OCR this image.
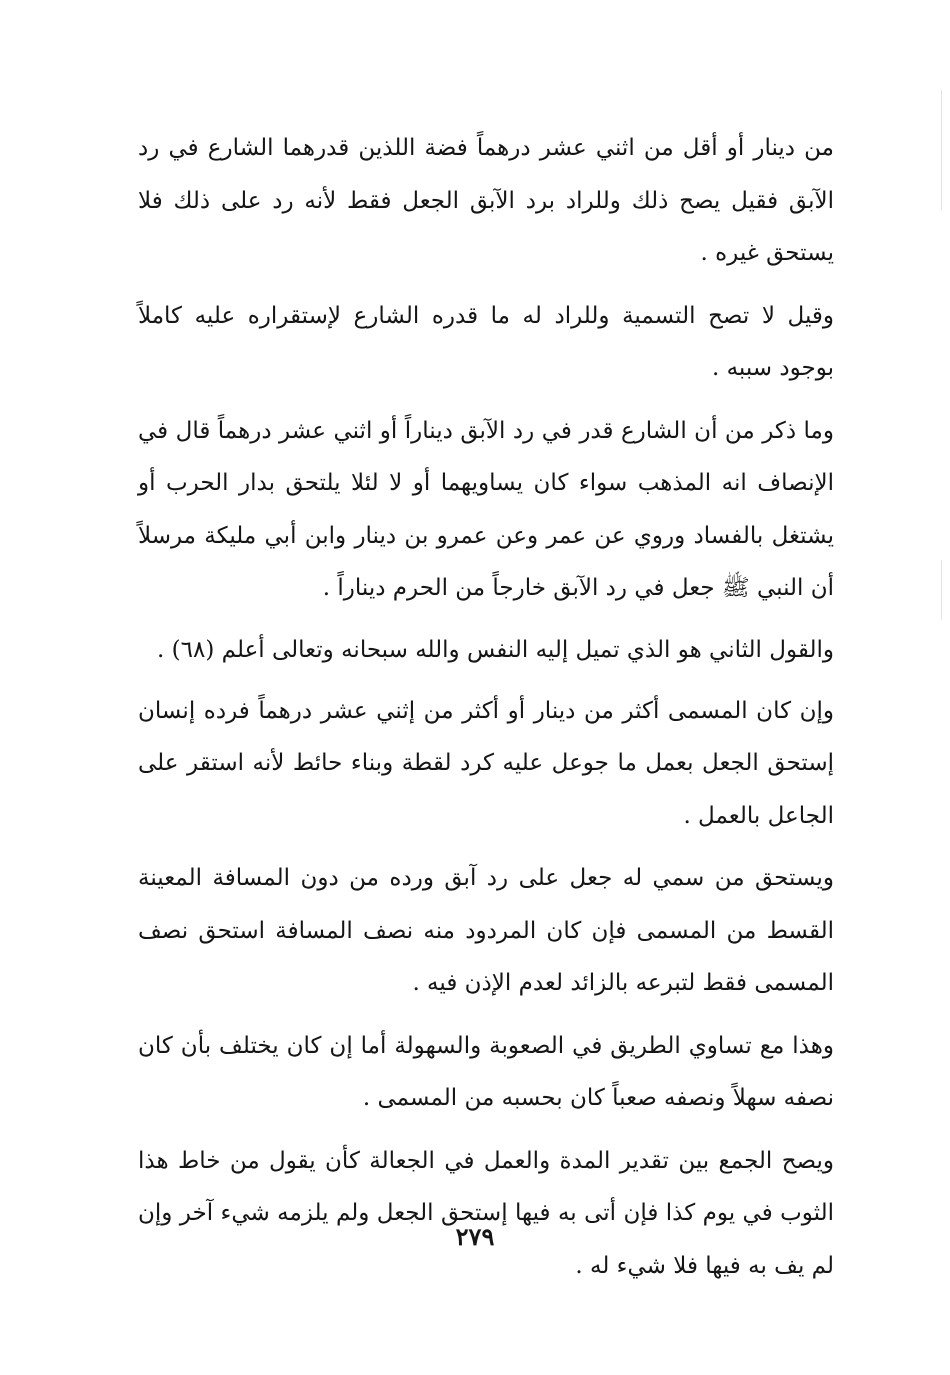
من دينار أو أقل من اثني عشر درهماً فضة اللذين قدرهما الشارع في رد الآبق فقيل يصح ذلك وللراد برد الآبق الجعل فقط لأنه رد على ذلك فلا يستحق غيره .

وقيل لا تصح التسمية وللراد له ما قدره الشارع لإستقراره عليه كاملاً بوجود سببه .

وما ذكر من أن الشارع قدر في رد الآبق ديناراً أو اثني عشر درهماً قال في الإنصاف انه المذهب سواء كان يساويهما أو لا لئلا يلتحق بدار الحرب أو يشتغل بالفساد وروي عن عمر وعن عمرو بن دينار وابن أبي مليكة مرسلاً أن النبي ﷺ جعل في رد الآبق خارجاً من الحرم ديناراً .

والقول الثاني هو الذي تميل إليه النفس والله سبحانه وتعالى أعلم (٦٨) .

وإن كان المسمى أكثر من دينار أو أكثر من إثني عشر درهماً فرده إنسان إستحق الجعل بعمل ما جوعل عليه كرد لقطة وبناء حائط لأنه استقر على الجاعل بالعمل .

ويستحق من سمي له جعل على رد آبق ورده من دون المسافة المعينة القسط من المسمى فإن كان المردود منه نصف المسافة استحق نصف المسمى فقط لتبرعه بالزائد لعدم الإذن فيه .

وهذا مع تساوي الطريق في الصعوبة والسهولة أما إن كان يختلف بأن كان نصفه سهلاً ونصفه صعباً كان بحسبه من المسمى .

ويصح الجمع بين تقدير المدة والعمل في الجعالة كأن يقول من خاط هذا الثوب في يوم كذا فإن أتى به فيها إستحق الجعل ولم يلزمه شيء آخر وإن لم يف به فيها فلا شيء له .

٢٧٩
